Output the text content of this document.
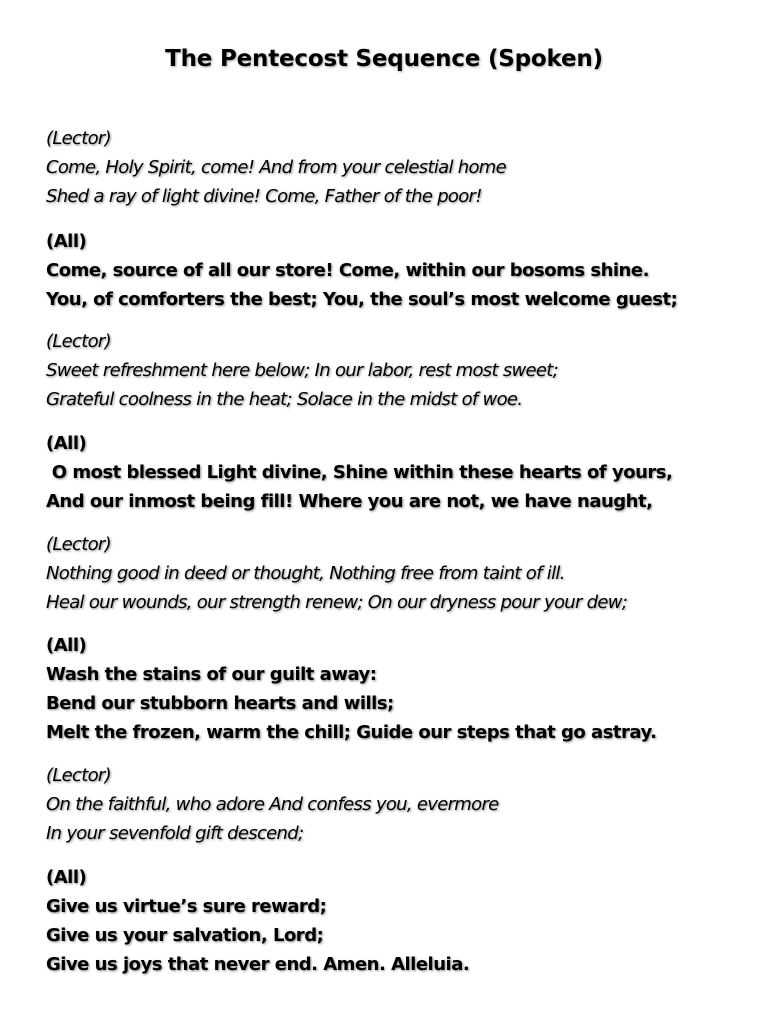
The Pentecost Sequence (Spoken)
(Lector)
Come, Holy Spirit, come! And from your celestial home
Shed a ray of light divine! Come, Father of the poor!
(All)
Come, source of all our store! Come, within our bosoms shine.
You, of comforters the best; You, the soul’s most welcome guest;
(Lector)
Sweet refreshment here below; In our labor, rest most sweet;
Grateful coolness in the heat; Solace in the midst of woe.
(All)
O most blessed Light divine, Shine within these hearts of yours,
And our inmost being fill! Where you are not, we have naught,
(Lector)
Nothing good in deed or thought, Nothing free from taint of ill.
Heal our wounds, our strength renew; On our dryness pour your dew;
(All)
Wash the stains of our guilt away:
Bend our stubborn hearts and wills;
Melt the frozen, warm the chill; Guide our steps that go astray.
(Lector)
On the faithful, who adore And confess you, evermore
In your sevenfold gift descend;
(All)
Give us virtue’s sure reward;
Give us your salvation, Lord;
Give us joys that never end. Amen. Alleluia.
